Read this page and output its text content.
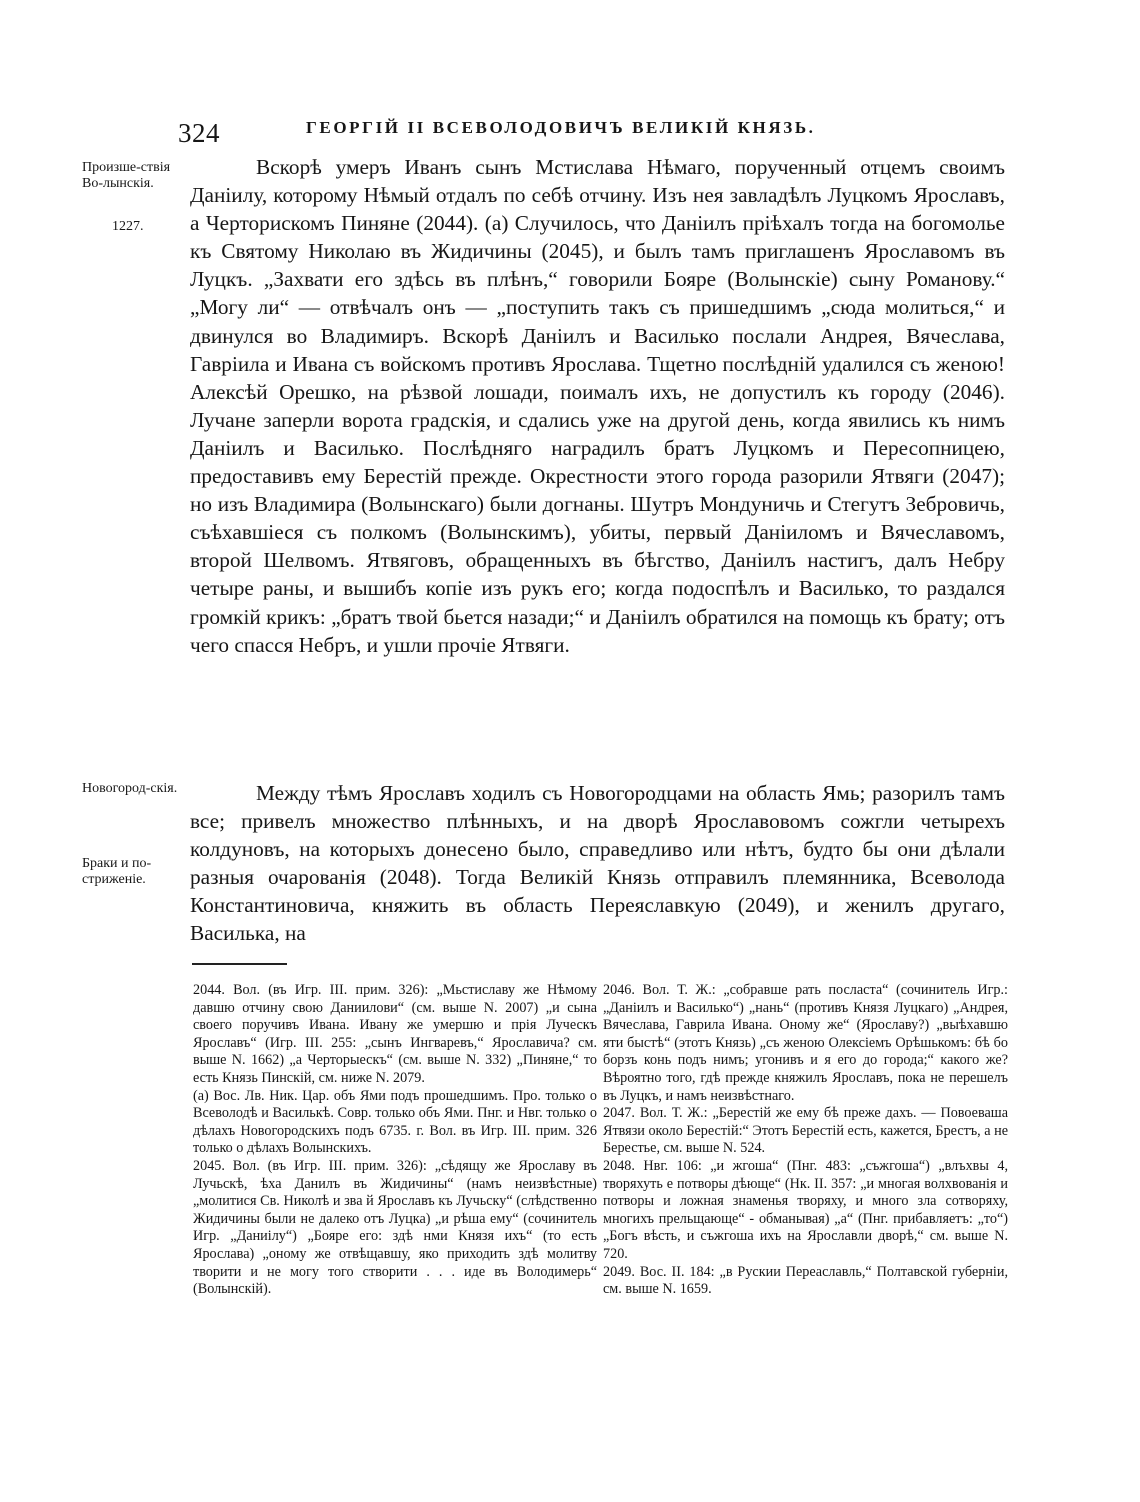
324	ГЕОРГІЙ II ВСЕВОЛОДОВИЧЪ ВЕЛИКІЙ КНЯЗЬ.
Произше-ствія Во-лынскія.
1227.
Новогород-скія.
Браки и по-стриженіе.

Вскорѣ умеръ Иванъ сынъ Мстислава Нѣмаго, порученный отцемъ своимъ Даніилу, которому Нѣмый отдалъ по себѣ отчину. Изъ нея завладѣлъ Луцкомъ Ярославъ, а Черторискомъ Пиняне (2044). (а) Случилось, что Даніилъ пріѣхалъ тогда на богомолье къ Святому Николаю въ Жидичины (2045), и былъ тамъ приглашенъ Ярославомъ въ Луцкъ. „Захвати его здѣсь въ плѣнъ,“ говорили Бояре (Волынскіе) сыну Романову.“ „Могу ли“ — отвѣчалъ онъ — „поступить такъ съ пришедшимъ „сюда молиться,“ и двинулся во Владимиръ. Вскорѣ Даніилъ и Василько послали Андрея, Вячеслава, Гавріила и Ивана съ войскомъ противъ Ярослава. Тщетно послѣдній удалился съ женою! Алексѣй Орешко, на рѣзвой лошади, поималъ ихъ, не допустилъ къ городу (2046). Лучане заперли ворота градскія, и сдались уже на другой день, когда явились къ нимъ Даніилъ и Василько. Послѣдняго наградилъ братъ Луцкомъ и Пересопницею, предоставивъ ему Берестій прежде. Окрестности этого города разорили Ятвяги (2047); но изъ Владимира (Волынскаго) были догнаны. Шутръ Мондуничь и Стегутъ Зебровичь, съѣхавшіеся съ полкомъ (Волынскимъ), убиты, первый Даніиломъ и Вячеславомъ, второй Шелвомъ. Ятвяговъ, обращенныхъ въ бѣгство, Даніилъ настигъ, далъ Небру четыре раны, и вышибъ копіе изъ рукъ его; когда подоспѣлъ и Василько, то раздался громкій крикъ: „братъ твой бьется назади;“ и Даніилъ обратился на помощь къ брату; отъ чего спасся Небръ, и ушли прочіе Ятвяги.

Между тѣмъ Ярославъ ходилъ съ Новогородцами на область Ямь; разорилъ тамъ все; привелъ множество плѣнныхъ, и на дворѣ Ярославовомъ сожгли четырехъ колдуновъ, на которыхъ донесено было, справедливо или нѣтъ, будто бы они дѣлали разныя очарованія (2048). Тогда Великій Князь отправилъ племянника, Всеволода Константиновича, княжить въ область Переяславкую (2049), и женилъ другаго, Василька, на

2044. Вол. (въ Игр. III. прим. 326): „Мьстиславу же Нѣмому давшю отчину свою Даниилови“ (см. выше N. 2007) „и сына своего поручивъ Ивана. Ивану же умершю и прія Луческъ Ярославъ“ (Игр. III. 255: „сынъ Ингваревъ,“ Ярославича? см. выше N. 1662) „а Черторыескъ“ (см. выше N. 332) „Пиняне,“ то есть Князь Пинскій, см. ниже N. 2079.

(а) Вос. Лв. Ник. Цар. объ Ями подъ прошедшимъ. Про. только о Всеволодѣ и Василькѣ. Совр. только объ Ями. Пнг. и Нвг. только о дѣлахъ Новогородскихъ подъ 6735. г. Вол. въ Игр. III. прим. 326 только о дѣлахъ Волынскихъ.

2045. Вол. (въ Игр. III. прим. 326): „сѣдящу же Ярославу въ Лучьскѣ, ѣха Данилъ въ Жидичины“ (намъ неизвѣстные) „молитися Св. Николѣ и зва й Ярославъ къ Лучьску“ (слѣдственно Жидичины были не далеко отъ Луцка) „и рѣша ему“ (сочинитель Игр. „Даниілу“) „Бояре его: здѣ нми Князя ихъ“ (то есть Ярослава) „оному же отвѣщавшу, яко приходить здѣ молитву творити и не могу того створити . . . иде въ Володимерь“ (Волынскій).

2046. Вол. Т. Ж.: „собравше рать посласта“ (сочинитель Игр.: „Даніилъ и Василько“) „нань“ (противъ Князя Луцкаго) „Андрея, Вячеслава, Гаврила Ивана. Оному же“ (Ярославу?) „выѣхавшю яти быстѣ“ (этотъ Князь) „съ женою Олексіемъ Орѣшькомъ: бѣ бо борзъ конь подъ нимъ; угонивъ и я его до города;“ какого же? Вѣроятно того, гдѣ прежде княжилъ Ярославъ, пока не перешелъ въ Луцкъ, и намъ неизвѣстнаго.

2047. Вол. Т. Ж.: „Берестій же ему бѣ преже дахъ. — Повоеваша Ятвязи около Берестій:“ Этотъ Берестій есть, кажется, Брестъ, а не Берестье, см. выше N. 524.

2048. Нвг. 106: „и жгоша“ (Пнг. 483: „съжгоша“) „влъхвы 4, творяхуть е потворы дѣюще“ (Нк. II. 357: „и многая волхвованія и потворы и ложная знаменья творяху, и много зла сотворяху, многихъ прельщающе“ - обманывая) „а“ (Пнг. прибавляетъ: „то“) „Богъ вѣсть, и съжгоша ихъ на Ярославли дворѣ,“ см. выше N. 720.

2049. Вос. II. 184: „в Рускии Переаславль,“ Полтавской губерніи, см. выше N. 1659.
